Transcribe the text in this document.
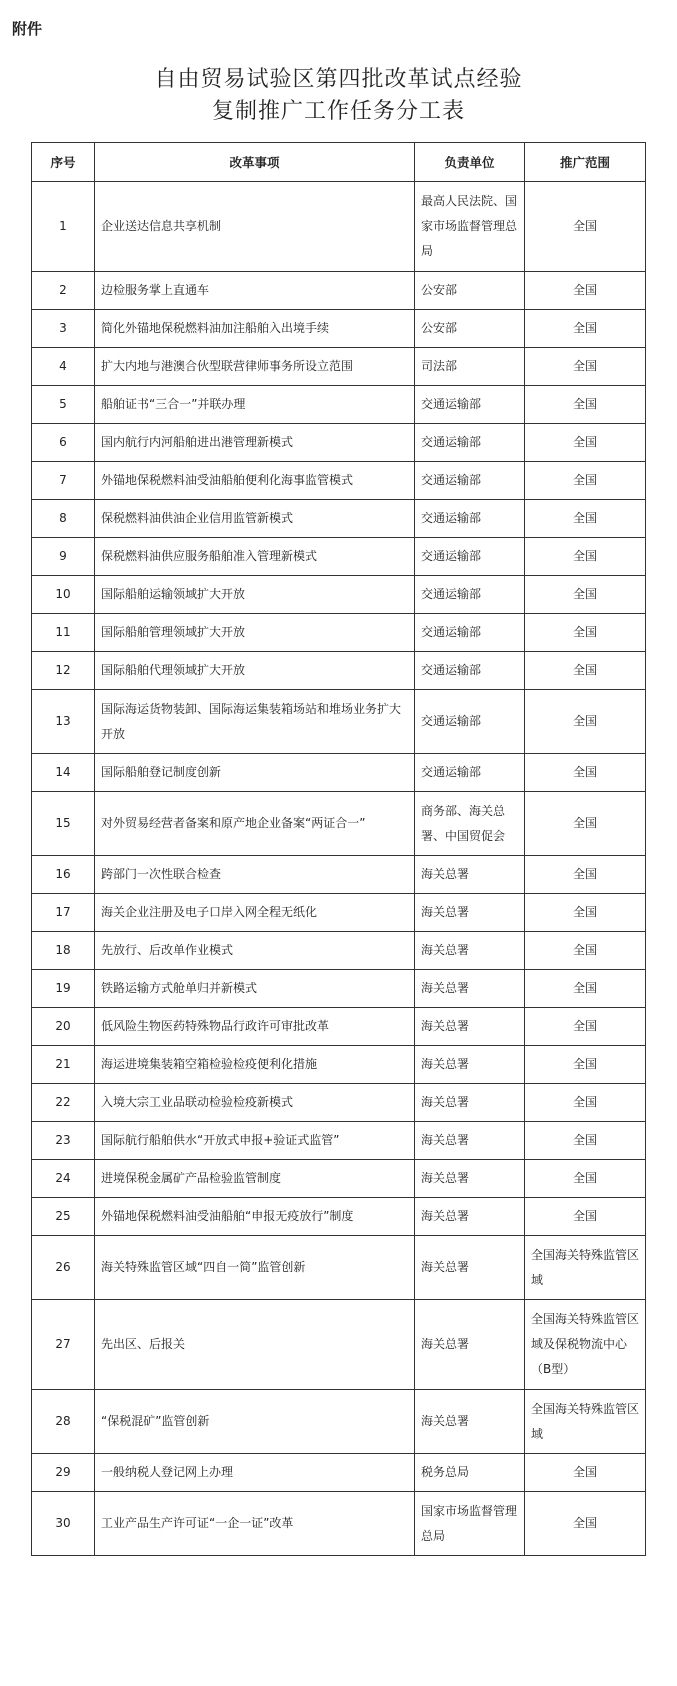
附件
自由贸易试验区第四批改革试点经验
复制推广工作任务分工表
序号	改革事项	负责单位	推广范围
1	企业送达信息共享机制	最高人民法院、国家市场监督管理总局	全国
2	边检服务掌上直通车	公安部	全国
3	简化外锚地保税燃料油加注船舶入出境手续	公安部	全国
4	扩大内地与港澳合伙型联营律师事务所设立范围	司法部	全国
5	船舶证书“三合一”并联办理	交通运输部	全国
6	国内航行内河船舶进出港管理新模式	交通运输部	全国
7	外锚地保税燃料油受油船舶便利化海事监管模式	交通运输部	全国
8	保税燃料油供油企业信用监管新模式	交通运输部	全国
9	保税燃料油供应服务船舶准入管理新模式	交通运输部	全国
10	国际船舶运输领域扩大开放	交通运输部	全国
11	国际船舶管理领域扩大开放	交通运输部	全国
12	国际船舶代理领域扩大开放	交通运输部	全国
13	国际海运货物装卸、国际海运集装箱场站和堆场业务扩大开放	交通运输部	全国
14	国际船舶登记制度创新	交通运输部	全国
15	对外贸易经营者备案和原产地企业备案“两证合一”	商务部、海关总署、中国贸促会	全国
16	跨部门一次性联合检查	海关总署	全国
17	海关企业注册及电子口岸入网全程无纸化	海关总署	全国
18	先放行、后改单作业模式	海关总署	全国
19	铁路运输方式舱单归并新模式	海关总署	全国
20	低风险生物医药特殊物品行政许可审批改革	海关总署	全国
21	海运进境集装箱空箱检验检疫便利化措施	海关总署	全国
22	入境大宗工业品联动检验检疫新模式	海关总署	全国
23	国际航行船舶供水“开放式申报+验证式监管”	海关总署	全国
24	进境保税金属矿产品检验监管制度	海关总署	全国
25	外锚地保税燃料油受油船舶“申报无疫放行”制度	海关总署	全国
26	海关特殊监管区域“四自一简”监管创新	海关总署	全国海关特殊监管区域
27	先出区、后报关	海关总署	全国海关特殊监管区域及保税物流中心（B型）
28	“保税混矿”监管创新	海关总署	全国海关特殊监管区域
29	一般纳税人登记网上办理	税务总局	全国
30	工业产品生产许可证“一企一证”改革	国家市场监督管理总局	全国
